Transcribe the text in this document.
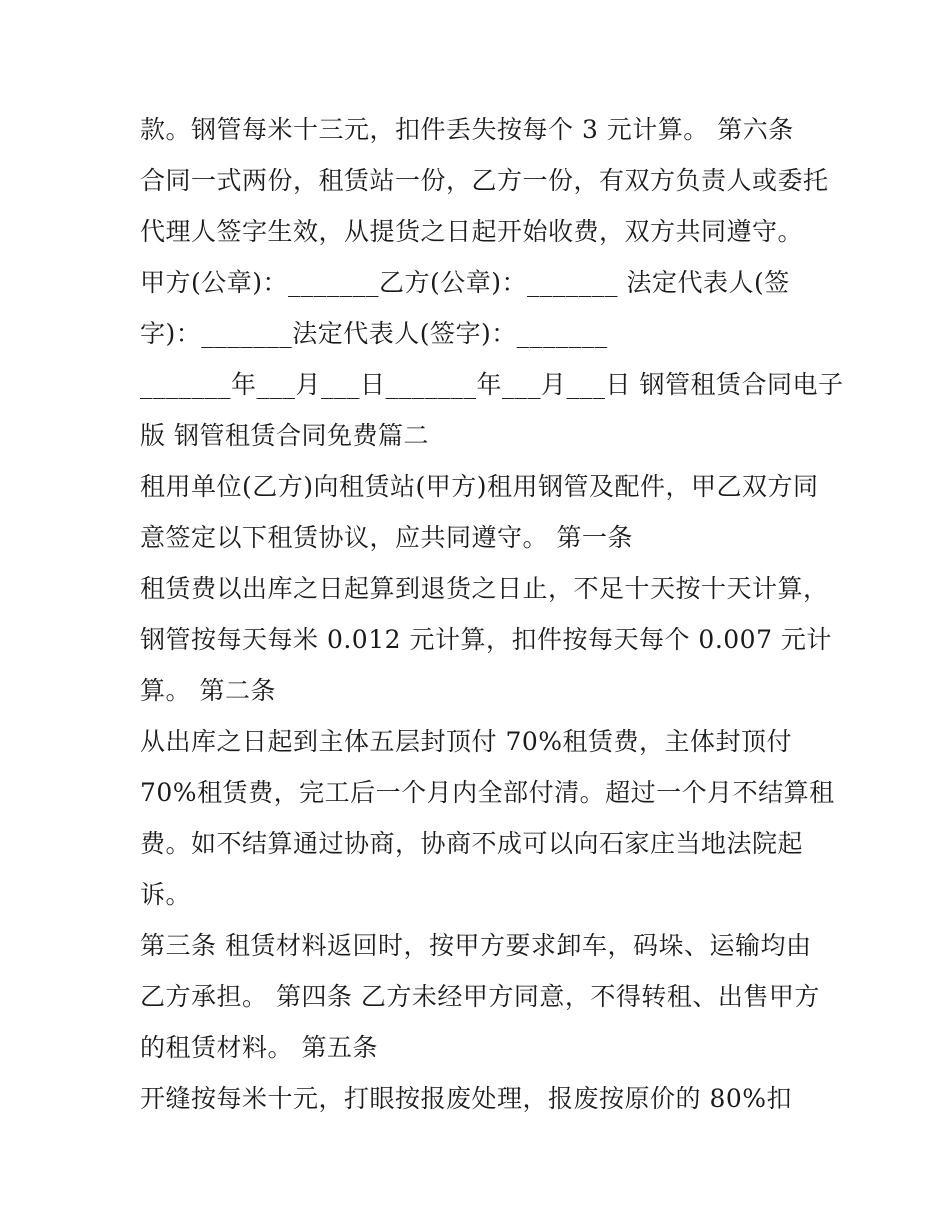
款。钢管每米十三元，扣件丢失按每个 3 元计算。 第六条
合同一式两份，租赁站一份，乙方一份，有双方负责人或委托
代理人签字生效，从提货之日起开始收费，双方共同遵守。
甲方(公章)：_______乙方(公章)：_______ 法定代表人(签
字)：_______法定代表人(签字)：_______
_______年___月___日_______年___月___日 钢管租赁合同电子
版 钢管租赁合同免费篇二
租用单位(乙方)向租赁站(甲方)租用钢管及配件，甲乙双方同
意签定以下租赁协议，应共同遵守。 第一条
租赁费以出库之日起算到退货之日止，不足十天按十天计算，
钢管按每天每米 0.012 元计算，扣件按每天每个 0.007 元计
算。 第二条
从出库之日起到主体五层封顶付 70%租赁费，主体封顶付
70%租赁费，完工后一个月内全部付清。超过一个月不结算租
费。如不结算通过协商，协商不成可以向石家庄当地法院起
诉。
第三条 租赁材料返回时，按甲方要求卸车，码垛、运输均由
乙方承担。 第四条 乙方未经甲方同意，不得转租、出售甲方
的租赁材料。 第五条
开缝按每米十元，打眼按报废处理，报废按原价的 80%扣
